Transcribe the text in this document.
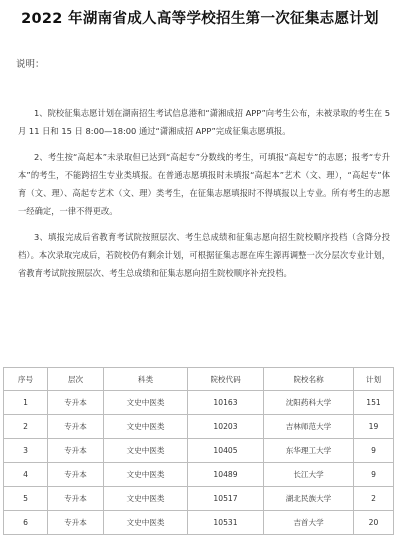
2022 年湖南省成人高等学校招生第一次征集志愿计划
说明：

1、院校征集志愿计划在湖南招生考试信息港和“潇湘成招 APP”向考生公布，未被录取的考生在 5 月 11 日和 15 日 8:00—18:00 通过“潇湘成招 APP”完成征集志愿填报。

2、考生按“高起本”未录取但已达到“高起专”分数线的考生，可填报“高起专”的志愿；报考“专升本”的考生，不能跨招生专业类填报。在普通志愿填报时未填报“高起本”艺术（文、理），“高起专”体育（文、理）、高起专艺术（文、理）类考生，在征集志愿填报时不得填报以上专业。所有考生的志愿一经确定，一律不得更改。

3、填报完成后省教育考试院按照层次、考生总成绩和征集志愿向招生院校顺序投档（含降分投档）。本次录取完成后，若院校仍有剩余计划，可根据征集志愿在库生源再调整一次分层次专业计划，省教育考试院按照层次、考生总成绩和征集志愿向招生院校顺序补充投档。

序号	层次	科类	院校代码	院校名称	计划
1	专升本	文史中医类	10163	沈阳药科大学	151
2	专升本	文史中医类	10203	吉林师范大学	19
3	专升本	文史中医类	10405	东华理工大学	9
4	专升本	文史中医类	10489	长江大学	9
5	专升本	文史中医类	10517	湖北民族大学	2
6	专升本	文史中医类	10531	吉首大学	20
